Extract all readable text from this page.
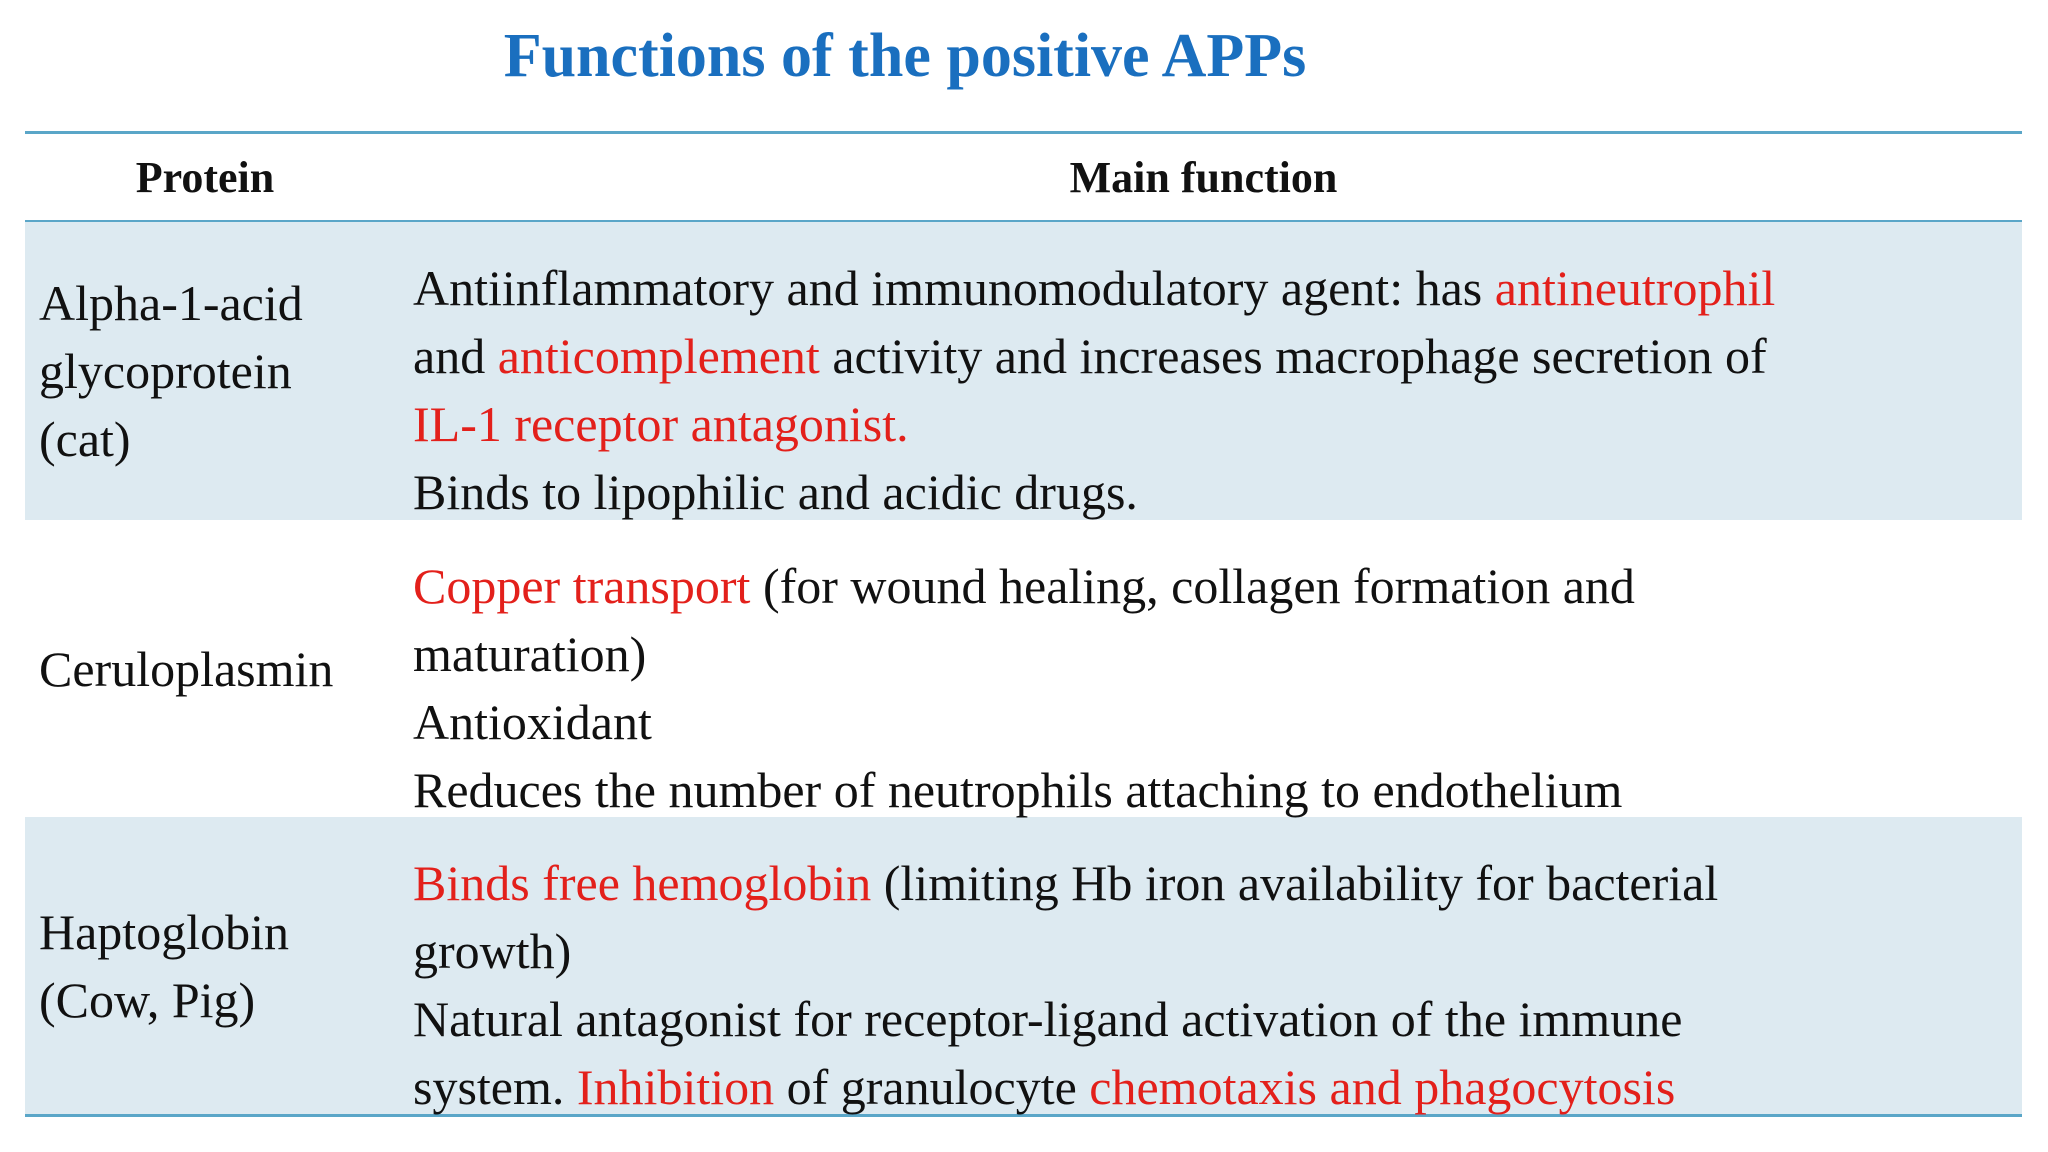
Functions of the positive APPs
Protein	Main function
Alpha-1-acid
glycoprotein
(cat)
Antiinflammatory and immunomodulatory agent: has antineutrophil
and anticomplement activity and increases macrophage secretion of
IL-1 receptor antagonist.
Binds to lipophilic and acidic drugs.
Ceruloplasmin
Copper transport (for wound healing, collagen formation and
maturation)
Antioxidant
Reduces the number of neutrophils attaching to endothelium
Haptoglobin
(Cow, Pig)
Binds free hemoglobin (limiting Hb iron availability for bacterial
growth)
Natural antagonist for receptor-ligand activation of the immune
system. Inhibition of granulocyte chemotaxis and phagocytosis
